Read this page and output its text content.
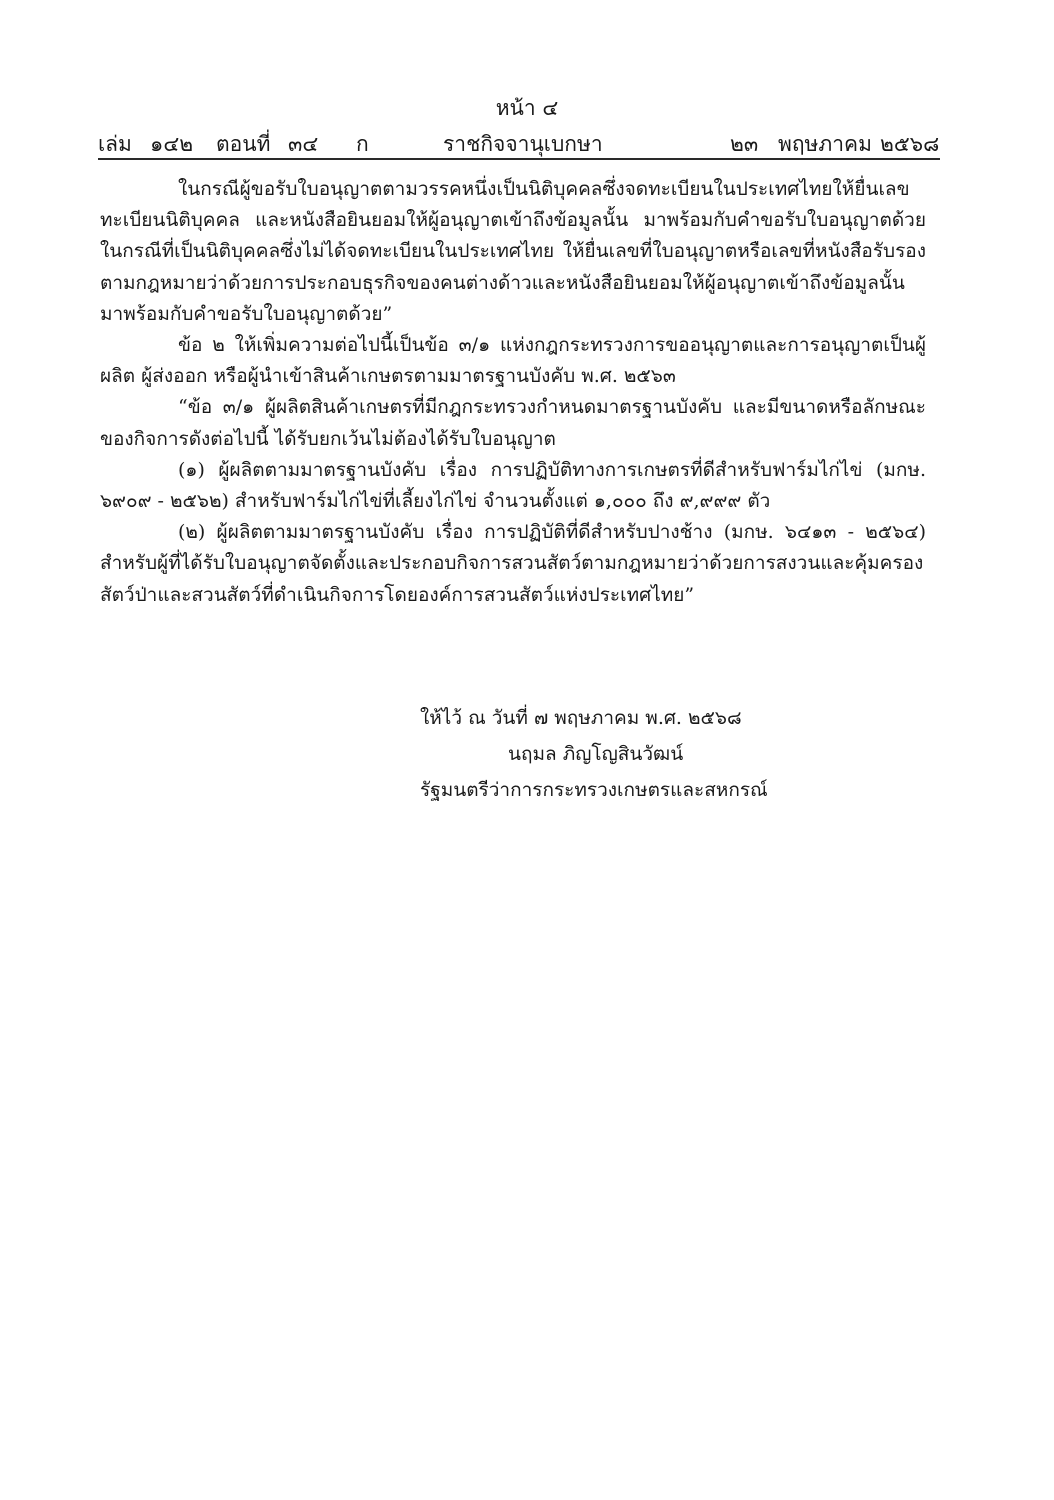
หน้า ๔
เล่ม ๑๔๒ ตอนที่ ๓๔ ก	ราชกิจจานุเบกษา	๒๓ พฤษภาคม ๒๕๖๘

ในกรณีผู้ขอรับใบอนุญาตตามวรรคหนึ่งเป็นนิติบุคคลซึ่งจดทะเบียนในประเทศไทยให้ยื่นเลขทะเบียนนิติบุคคล และหนังสือยินยอมให้ผู้อนุญาตเข้าถึงข้อมูลนั้น มาพร้อมกับคำขอรับใบอนุญาตด้วย ในกรณีที่เป็นนิติบุคคลซึ่งไม่ได้จดทะเบียนในประเทศไทย ให้ยื่นเลขที่ใบอนุญาตหรือเลขที่หนังสือรับรองตามกฎหมายว่าด้วยการประกอบธุรกิจของคนต่างด้าวและหนังสือยินยอมให้ผู้อนุญาตเข้าถึงข้อมูลนั้นมาพร้อมกับคำขอรับใบอนุญาตด้วย”

ข้อ ๒ ให้เพิ่มความต่อไปนี้เป็นข้อ ๓/๑ แห่งกฎกระทรวงการขออนุญาตและการอนุญาตเป็นผู้ผลิต ผู้ส่งออก หรือผู้นำเข้าสินค้าเกษตรตามมาตรฐานบังคับ พ.ศ. ๒๕๖๓

“ข้อ ๓/๑ ผู้ผลิตสินค้าเกษตรที่มีกฎกระทรวงกำหนดมาตรฐานบังคับ และมีขนาดหรือลักษณะของกิจการดังต่อไปนี้ ได้รับยกเว้นไม่ต้องได้รับใบอนุญาต

(๑) ผู้ผลิตตามมาตรฐานบังคับ เรื่อง การปฏิบัติทางการเกษตรที่ดีสำหรับฟาร์มไก่ไข่ (มกษ. ๖๙๐๙ - ๒๕๖๒) สำหรับฟาร์มไก่ไข่ที่เลี้ยงไก่ไข่ จำนวนตั้งแต่ ๑,๐๐๐ ถึง ๙,๙๙๙ ตัว

(๒) ผู้ผลิตตามมาตรฐานบังคับ เรื่อง การปฏิบัติที่ดีสำหรับปางช้าง (มกษ. ๖๔๑๓ - ๒๕๖๔) สำหรับผู้ที่ได้รับใบอนุญาตจัดตั้งและประกอบกิจการสวนสัตว์ตามกฎหมายว่าด้วยการสงวนและคุ้มครองสัตว์ป่าและสวนสัตว์ที่ดำเนินกิจการโดยองค์การสวนสัตว์แห่งประเทศไทย”

ให้ไว้ ณ วันที่ ๗ พฤษภาคม พ.ศ. ๒๕๖๘
นฤมล ภิญโญสินวัฒน์
รัฐมนตรีว่าการกระทรวงเกษตรและสหกรณ์
